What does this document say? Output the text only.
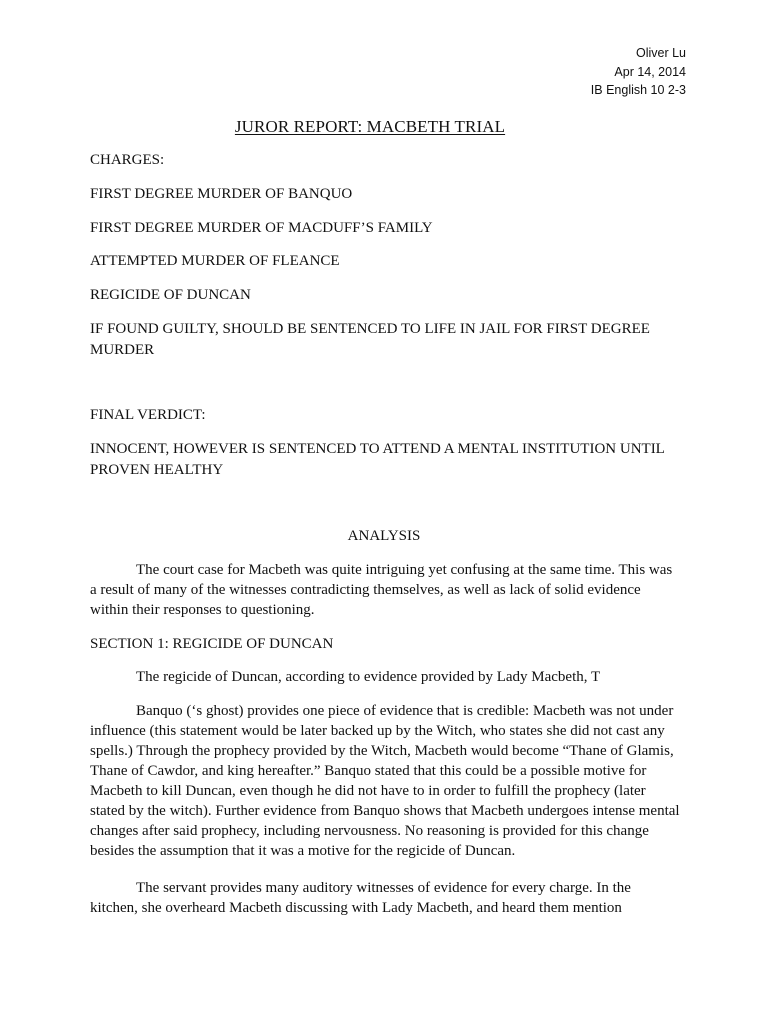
Oliver Lu
Apr 14, 2014
IB English 10 2-3
JUROR REPORT: MACBETH TRIAL
CHARGES:
FIRST DEGREE MURDER OF BANQUO
FIRST DEGREE MURDER OF MACDUFF’S FAMILY
ATTEMPTED MURDER OF FLEANCE
REGICIDE OF DUNCAN
IF FOUND GUILTY, SHOULD BE SENTENCED TO LIFE IN JAIL FOR FIRST DEGREE
MURDER
FINAL VERDICT:
INNOCENT, HOWEVER IS SENTENCED TO ATTEND A MENTAL INSTITUTION UNTIL
PROVEN HEALTHY
ANALYSIS
The court case for Macbeth was quite intriguing yet confusing at the same time. This was a result of many of the witnesses contradicting themselves, as well as lack of solid evidence within their responses to questioning.
SECTION 1: REGICIDE OF DUNCAN
The regicide of Duncan, according to evidence provided by Lady Macbeth, T
Banquo (‘s ghost) provides one piece of evidence that is credible: Macbeth was not under influence (this statement would be later backed up by the Witch, who states she did not cast any spells.) Through the prophecy provided by the Witch, Macbeth would become “Thane of Glamis, Thane of Cawdor, and king hereafter.” Banquo stated that this could be a possible motive for Macbeth to kill Duncan, even though he did not have to in order to fulfill the prophecy (later stated by the witch). Further evidence from Banquo shows that Macbeth undergoes intense mental changes after said prophecy, including nervousness. No reasoning is provided for this change besides the assumption that it was a motive for the regicide of Duncan.
The servant provides many auditory witnesses of evidence for every charge. In the kitchen, she overheard Macbeth discussing with Lady Macbeth, and heard them mention
